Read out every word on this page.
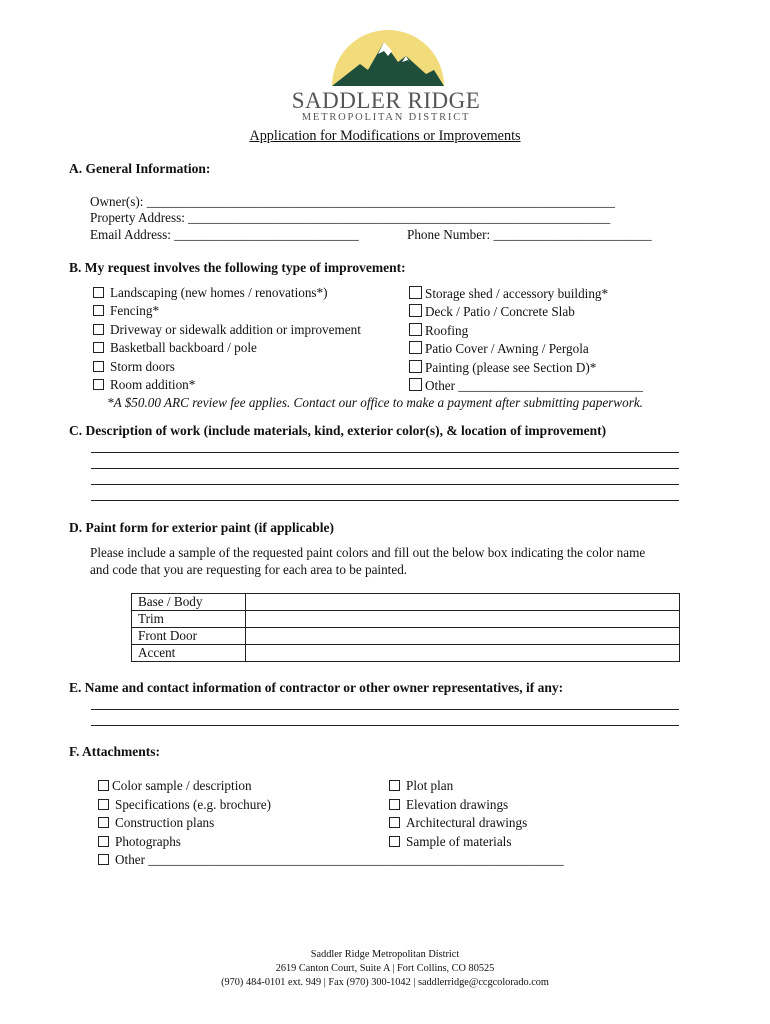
SADDLER RIDGE
METROPOLITAN DISTRICT
Application for Modifications or Improvements
A. General Information:
Owner(s): _______________________________________________________________________
Property Address: ________________________________________________________________
Email Address: ____________________________	Phone Number: ________________________
B. My request involves the following type of improvement:
Landscaping (new homes / renovations*)
Fencing*
Driveway or sidewalk addition or improvement
Basketball backboard / pole
Storm doors
Room addition*
Storage shed / accessory building*
Deck / Patio / Concrete Slab
Roofing
Patio Cover / Awning / Pergola
Painting (please see Section D)*
Other ____________________________
*A $50.00 ARC review fee applies. Contact our office to make a payment after submitting paperwork.
C. Description of work (include materials, kind, exterior color(s), & location of improvement)
D. Paint form for exterior paint (if applicable)
Please include a sample of the requested paint colors and fill out the below box indicating the color name
and code that you are requesting for each area to be painted.
Base / Body	
Trim	
Front Door	
Accent	
E. Name and contact information of contractor or other owner representatives, if any:
F. Attachments:
Color sample / description
Specifications (e.g. brochure)
Construction plans
Photographs
Other _______________________________________________________________
Plot plan
Elevation drawings
Architectural drawings
Sample of materials
Saddler Ridge Metropolitan District
2619 Canton Court, Suite A | Fort Collins, CO 80525
(970) 484-0101 ext. 949 | Fax (970) 300-1042 | saddlerridge@ccgcolorado.com
